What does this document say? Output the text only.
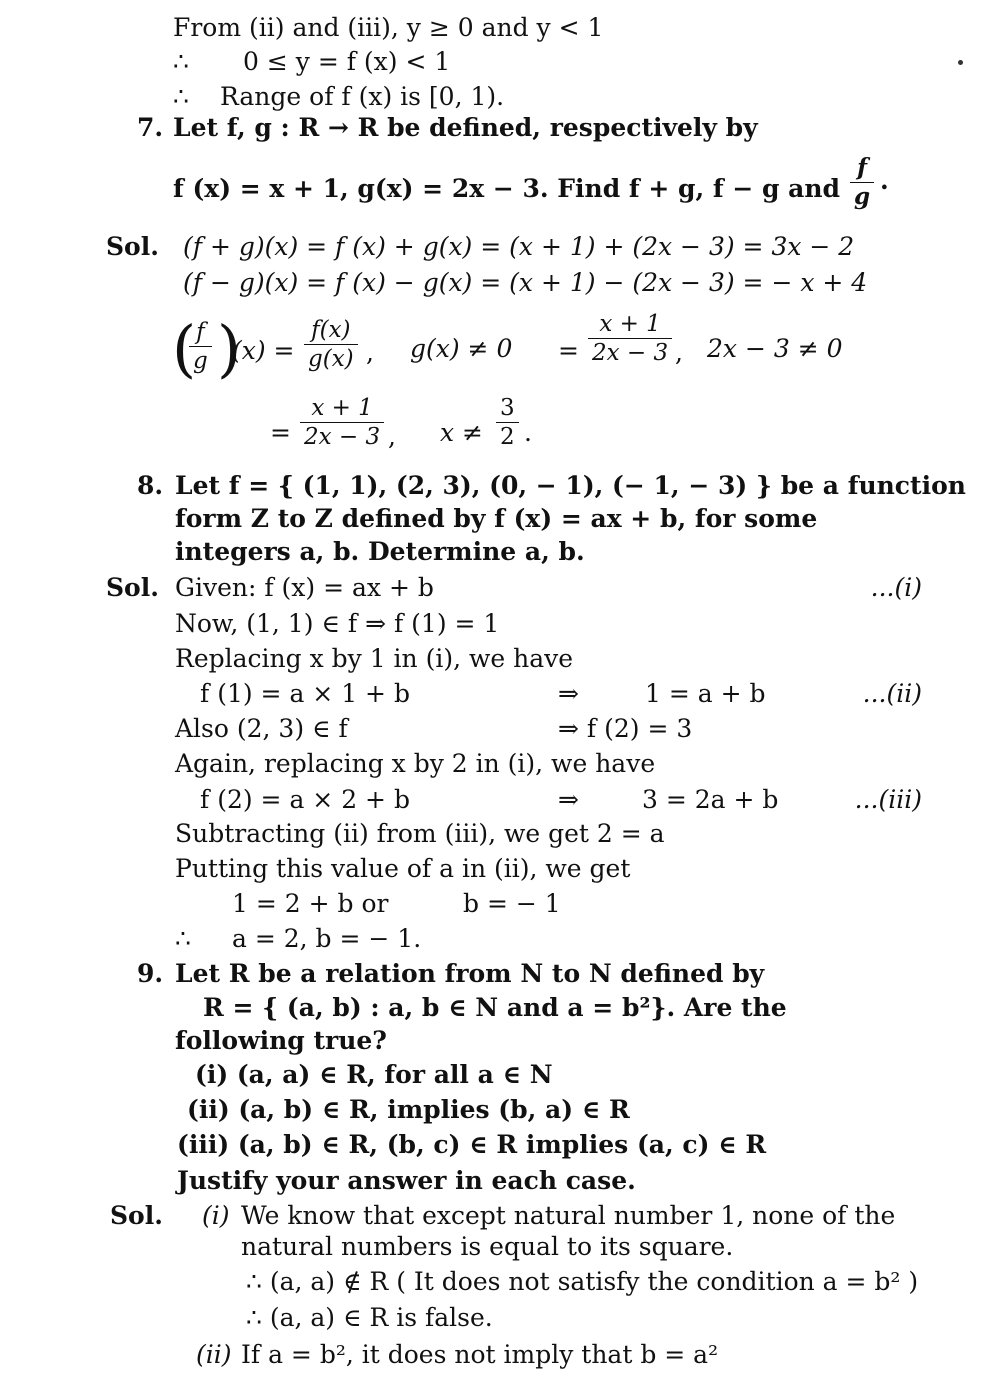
From (ii) and (iii), y ≥ 0 and y < 1
∴ 0 ≤ y = f (x) < 1
∴ Range of f (x) is [0, 1).
7. Let f, g : R → R be defined, respectively by
f (x) = x + 1, g(x) = 2x − 3. Find f + g, f − g and $\frac{f}{g}$ .
Sol. (f + g)(x) = f (x) + g(x) = (x + 1) + (2x − 3) = 3x − 2
(f − g)(x) = f (x) − g(x) = (x + 1) − (2x − 3) = − x + 4
(
$\frac{f}{g}$ )
$(x) = \frac{f(x)}{g(x)}$ , $g(x) \ne 0 = \frac{x + 1}{2x - 3}$ , 2x − 3 ≠ 0
= $\frac{x + 1}{2x - 3}$ , $x \ne \frac{3}{2}$ .
8. Let f = { (1, 1), (2, 3), (0, − 1), (− 1, − 3) } be a function
form Z to Z defined by f (x) = ax + b, for some
integers a, b. Determine a, b.
Sol. Given: f (x) = ax + b	...(i)
Now, (1, 1) ∈ f ⇒ f (1) = 1
Replacing x by 1 in (i), we have
f (1) = a × 1 + b	⇒	1 = a + b	...(ii)
Also (2, 3) ∈ f	⇒ f (2) = 3
Again, replacing x by 2 in (i), we have
f (2) = a × 2 + b	⇒	3 = 2a + b	...(iii)
Subtracting (ii) from (iii), we get 2 = a
Putting this value of a in (ii), we get
1 = 2 + b or	b = − 1
∴ a = 2, b = − 1.
9. Let R be a relation from N to N defined by
R = { (a, b) : a, b ∈ N and a = b²}. Are the
following true?
(i) (a, a) ∈ R, for all a ∈ N
(ii) (a, b) ∈ R, implies (b, a) ∈ R
(iii) (a, b) ∈ R, (b, c) ∈ R implies (a, c) ∈ R
Justify your answer in each case.
Sol. (i) We know that except natural number 1, none of the
natural numbers is equal to its square.
∴ (a, a) ∉ R ( It does not satisfy the condition a = b² )
∴ (a, a) ∈ R is false.
(ii) If a = b², it does not imply that b = a²
